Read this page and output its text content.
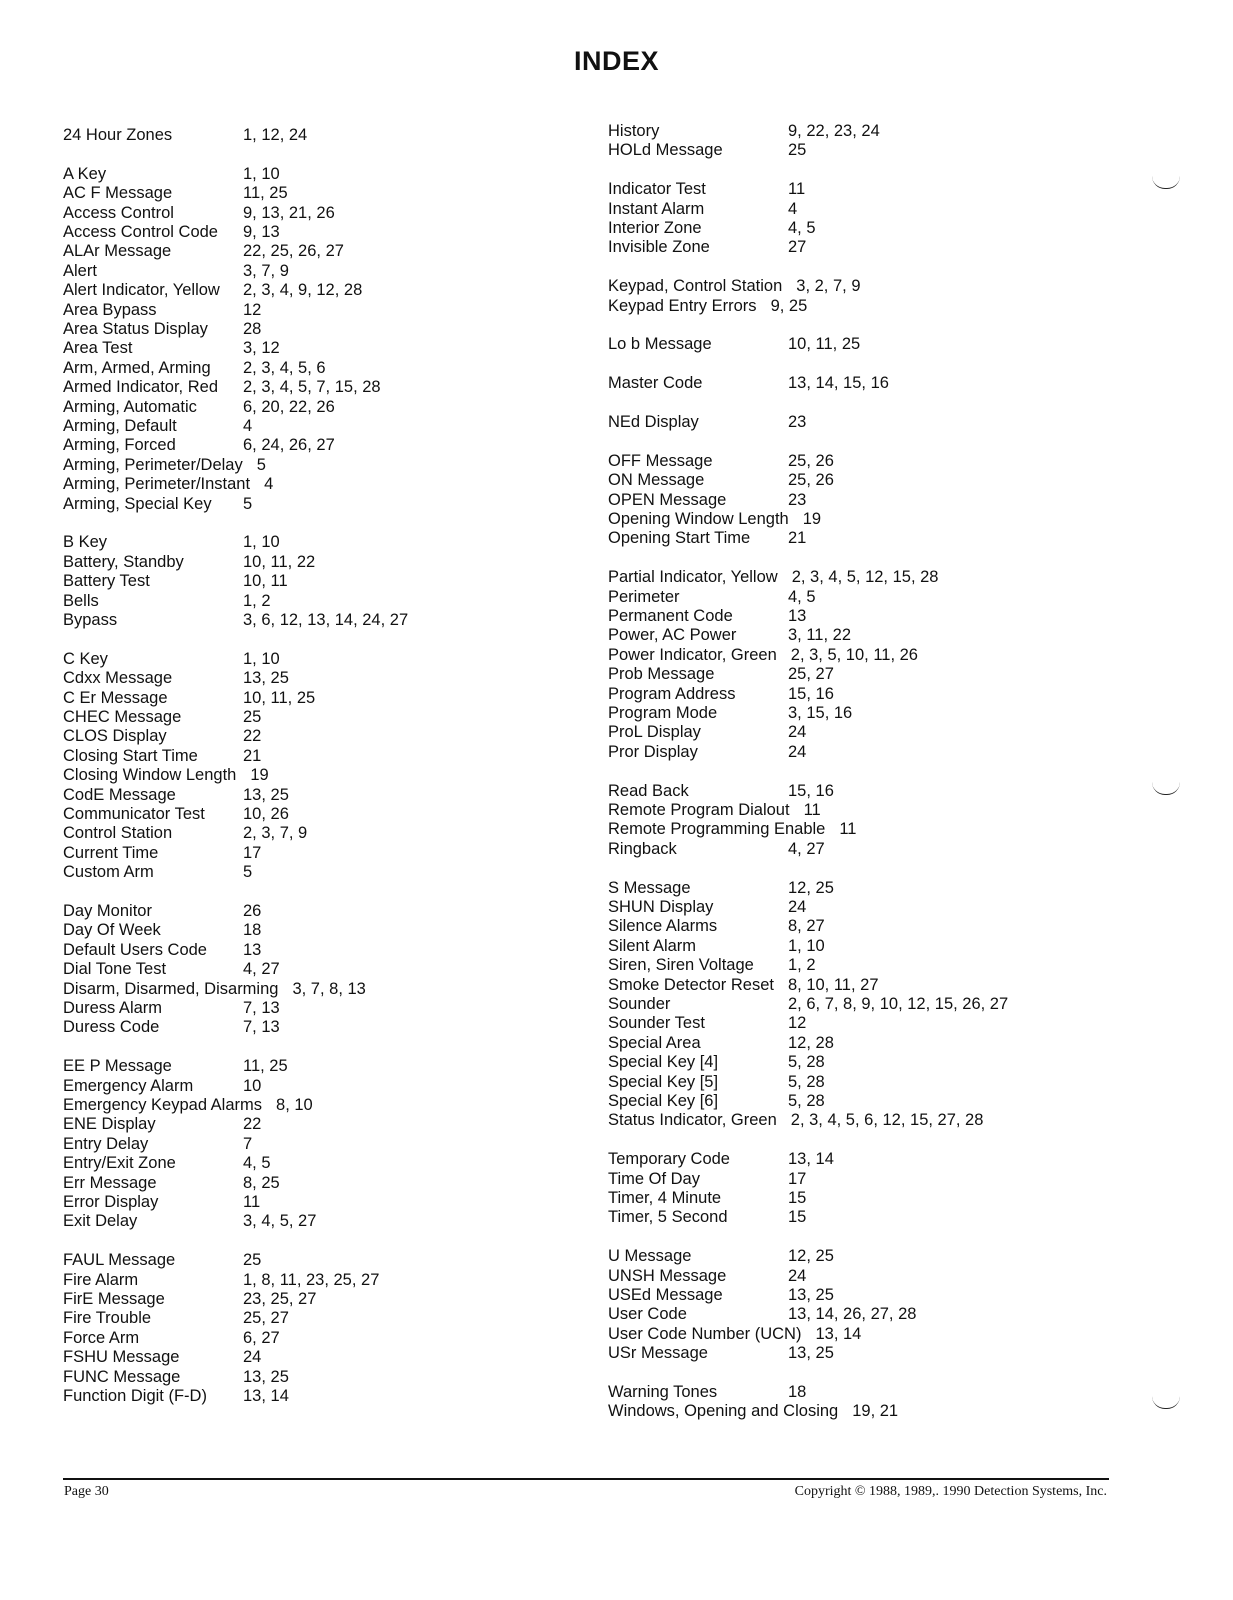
INDEX
24 Hour Zones	1, 12, 24
A Key	1, 10
AC F Message	11, 25
Access Control	9, 13, 21, 26
Access Control Code 9, 13
ALAr Message	22, 25, 26, 27
Alert	3, 7, 9
Alert Indicator, Yellow 2, 3, 4, 9, 12, 28
Area Bypass	12
Area Status Display 28
Area Test	3, 12
Arm, Armed, Arming 2, 3, 4, 5, 6
Armed Indicator, Red 2, 3, 4, 5, 7, 15, 28
Arming, Automatic	6, 20, 22, 26
Arming, Default	4
Arming, Forced	6, 24, 26, 27
Arming, Perimeter/Delay 5
Arming, Perimeter/Instant 4
Arming, Special Key 5
B Key	1, 10
Battery, Standby	10, 11, 22
Battery Test	10, 11
Bells	1, 2
Bypass	3, 6, 12, 13, 14, 24, 27
C Key	1, 10
Cdxx Message	13, 25
C Er Message	10, 11, 25
CHEC Message	25
CLOS Display	22
Closing Start Time	21
Closing Window Length 19
CodE Message	13, 25
Communicator Test 10, 26
Control Station	2, 3, 7, 9
Current Time	17
Custom Arm	5
Day Monitor	26
Day Of Week	18
Default Users Code 13
Dial Tone Test	4, 27
Disarm, Disarmed, Disarming 3, 7, 8, 13
Duress Alarm	7, 13
Duress Code	7, 13
EE P Message	11, 25
Emergency Alarm	10
Emergency Keypad Alarms 8, 10
ENE Display	22
Entry Delay	7
Entry/Exit Zone	4, 5
Err Message	8, 25
Error Display	11
Exit Delay	3, 4, 5, 27
FAUL Message	25
Fire Alarm	1, 8, 11, 23, 25, 27
FirE Message	23, 25, 27
Fire Trouble	25, 27
Force Arm	6, 27
FSHU Message	24
FUNC Message	13, 25
Function Digit (F-D) 13, 14
History	9, 22, 23, 24
HOLd Message	25
Indicator Test	11
Instant Alarm	4
Interior Zone	4, 5
Invisible Zone	27
Keypad, Control Station 3, 2, 7, 9
Keypad Entry Errors 9, 25
Lo b Message	10, 11, 25
Master Code	13, 14, 15, 16
NEd Display	23
OFF Message	25, 26
ON Message	25, 26
OPEN Message	23
Opening Window Length 19
Opening Start Time 21
Partial Indicator, Yellow 2, 3, 4, 5, 12, 15, 28
Perimeter	4, 5
Permanent Code	13
Power, AC Power	3, 11, 22
Power Indicator, Green 2, 3, 5, 10, 11, 26
Prob Message	25, 27
Program Address	15, 16
Program Mode	3, 15, 16
ProL Display	24
Pror Display	24
Read Back	15, 16
Remote Program Dialout 11
Remote Programming Enable 11
Ringback	4, 27
S Message	12, 25
SHUN Display	24
Silence Alarms	8, 27
Silent Alarm	1, 10
Siren, Siren Voltage 1, 2
Smoke Detector Reset 8, 10, 11, 27
Sounder	2, 6, 7, 8, 9, 10, 12, 15, 26, 27
Sounder Test	12
Special Area	12, 28
Special Key [4]	5, 28
Special Key [5]	5, 28
Special Key [6]	5, 28
Status Indicator, Green 2, 3, 4, 5, 6, 12, 15, 27, 28
Temporary Code	13, 14
Time Of Day	17
Timer, 4 Minute	15
Timer, 5 Second	15
U Message	12, 25
UNSH Message	24
USEd Message	13, 25
User Code	13, 14, 26, 27, 28
User Code Number (UCN) 13, 14
USr Message	13, 25
Warning Tones	18
Windows, Opening and Closing 19, 21
Page 30	Copyright © 1988, 1989,. 1990 Detection Systems, Inc.
